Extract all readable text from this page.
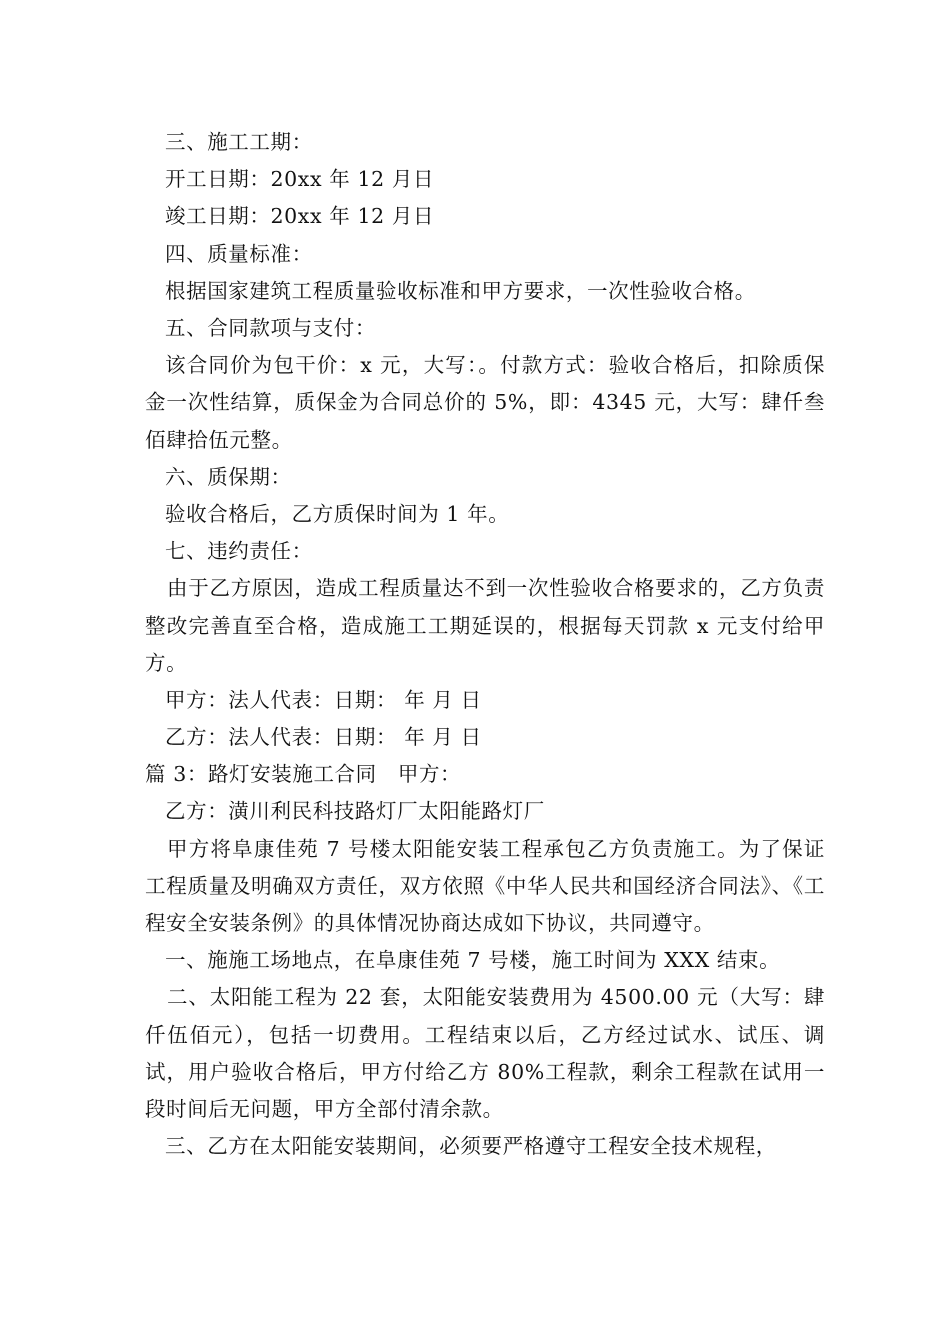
三、施工工期：
开工日期：20xx 年 12 月日
竣工日期：20xx 年 12 月日
四、质量标准：
根据国家建筑工程质量验收标准和甲方要求，一次性验收合格。
五、合同款项与支付：
该合同价为包干价：x 元，大写：。付款方式：验收合格后，扣除质保金一次性结算，质保金为合同总价的 5%，即：4345 元，大写：肆仟叁佰肆拾伍元整。
六、质保期：
验收合格后，乙方质保时间为 1 年。
七、违约责任：
由于乙方原因，造成工程质量达不到一次性验收合格要求的，乙方负责整改完善直至合格，造成施工工期延误的，根据每天罚款 x 元支付给甲方。
甲方：法人代表：日期： 年 月 日
乙方：法人代表：日期： 年 月 日
篇 3：路灯安装施工合同　甲方：
乙方：潢川利民科技路灯厂太阳能路灯厂
甲方将阜康佳苑 7 号楼太阳能安装工程承包乙方负责施工。为了保证工程质量及明确双方责任，双方依照《中华人民共和国经济合同法》、《工程安全安装条例》的具体情况协商达成如下协议，共同遵守。
一、施施工场地点，在阜康佳苑 7 号楼，施工时间为 XXX 结束。
二、太阳能工程为 22 套，太阳能安装费用为 4500.00 元（大写：肆仟伍佰元），包括一切费用。工程结束以后，乙方经过试水、试压、调试，用户验收合格后，甲方付给乙方 80%工程款，剩余工程款在试用一段时间后无问题，甲方全部付清余款。
三、乙方在太阳能安装期间，必须要严格遵守工程安全技术规程，
